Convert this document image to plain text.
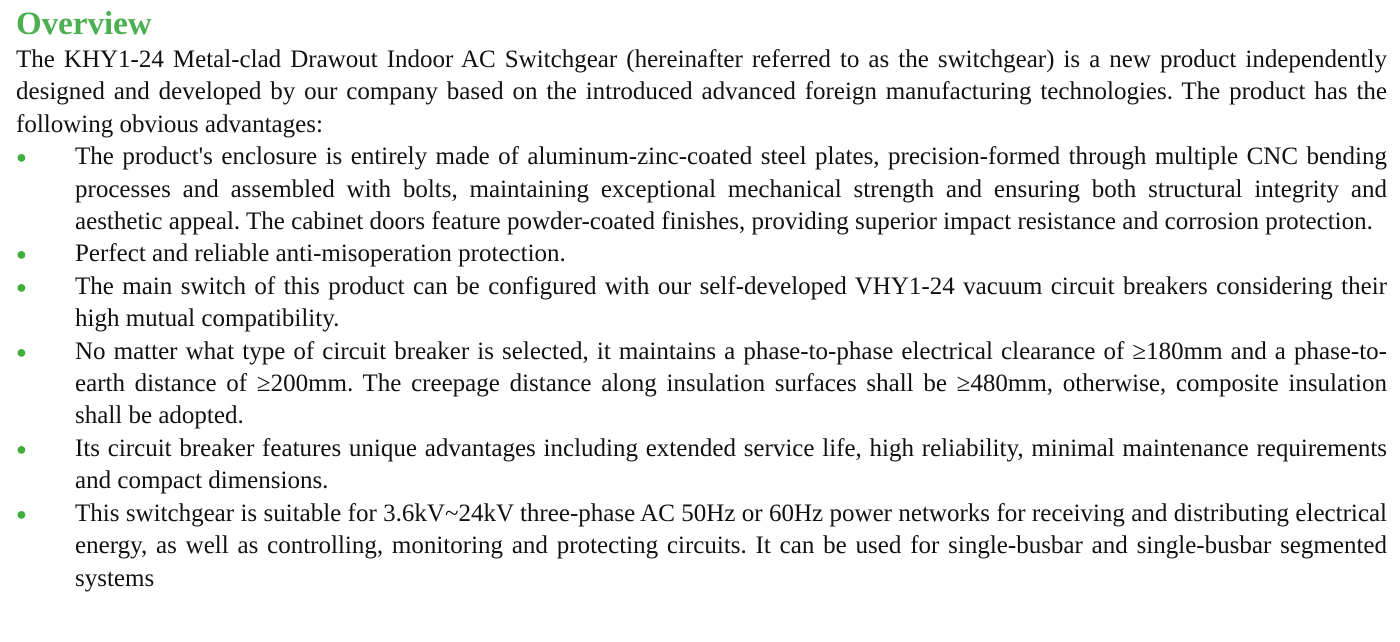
Overview

The KHY1-24 Metal-clad Drawout Indoor AC Switchgear (hereinafter referred to as the switchgear) is a new product independently designed and developed by our company based on the introduced advanced foreign manufacturing technologies. The product has the following obvious advantages:

●	The product's enclosure is entirely made of aluminum-zinc-coated steel plates, precision-formed through multiple CNC bending processes and assembled with bolts, maintaining exceptional mechanical strength and ensuring both structural integrity and aesthetic appeal. The cabinet doors feature powder-coated finishes, providing superior impact resistance and corrosion protection.
●	Perfect and reliable anti-misoperation protection.
●	The main switch of this product can be configured with our self-developed VHY1-24 vacuum circuit breakers considering their high mutual compatibility.
●	No matter what type of circuit breaker is selected, it maintains a phase-to-phase electrical clearance of ≥180mm and a phase-to-earth distance of ≥200mm. The creepage distance along insulation surfaces shall be ≥480mm, otherwise, composite insulation shall be adopted.
●	Its circuit breaker features unique advantages including extended service life, high reliability, minimal maintenance requirements and compact dimensions.
●	This switchgear is suitable for 3.6kV~24kV three-phase AC 50Hz or 60Hz power networks for receiving and distributing electrical energy, as well as controlling, monitoring and protecting circuits. It can be used for single-busbar and single-busbar segmented systems
